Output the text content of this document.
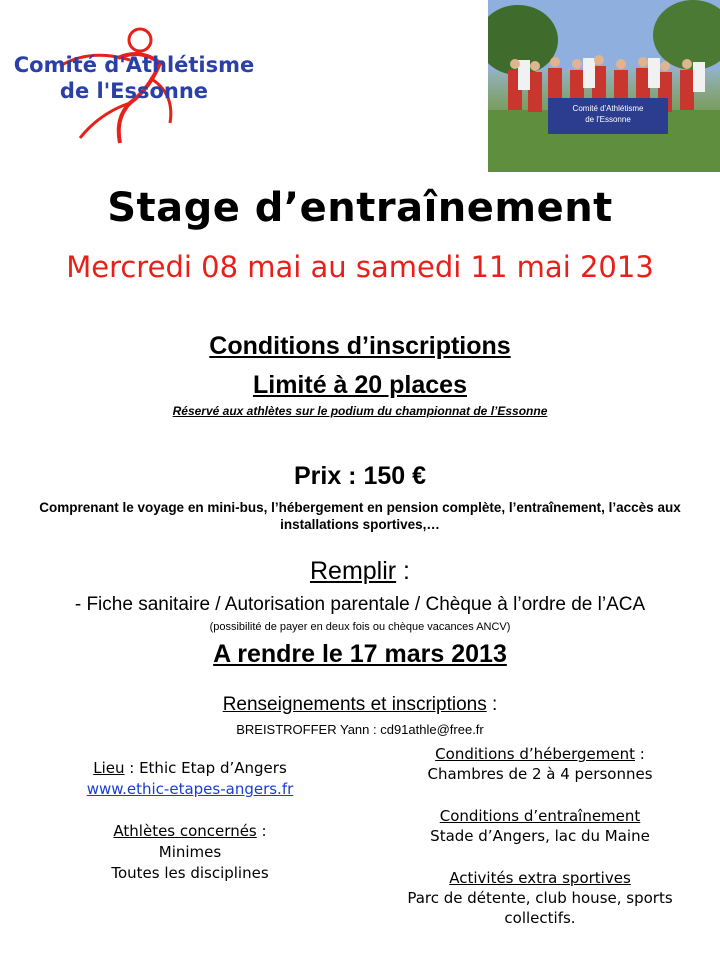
Comité d'Athlétisme
de l'Essonne
Comité d'Athlétisme
de l'Essonne
Stage d’entraînement
Mercredi 08 mai au samedi 11 mai 2013
Conditions d’inscriptions
Limité à 20 places
Réservé aux athlètes sur le podium du championnat de l’Essonne
Prix : 150 €
Comprenant le voyage en mini-bus, l’hébergement en pension complète, l’entraînement, l’accès aux installations sportives,…
Remplir :
- Fiche sanitaire / Autorisation parentale / Chèque à l’ordre de l’ACA
(possibilité de payer en deux fois ou chèque vacances ANCV)
A rendre le 17 mars 2013
Renseignements et inscriptions :
BREISTROFFER Yann : cd91athle@free.fr
Lieu : Ethic Etap d’Angers
www.ethic-etapes-angers.fr
Athlètes concernés :
Minimes
Toutes les disciplines
Conditions d’hébergement :
Chambres de 2 à 4 personnes
Conditions d’entraînement
Stade d’Angers, lac du Maine
Activités extra sportives
Parc de détente, club house, sports collectifs.
